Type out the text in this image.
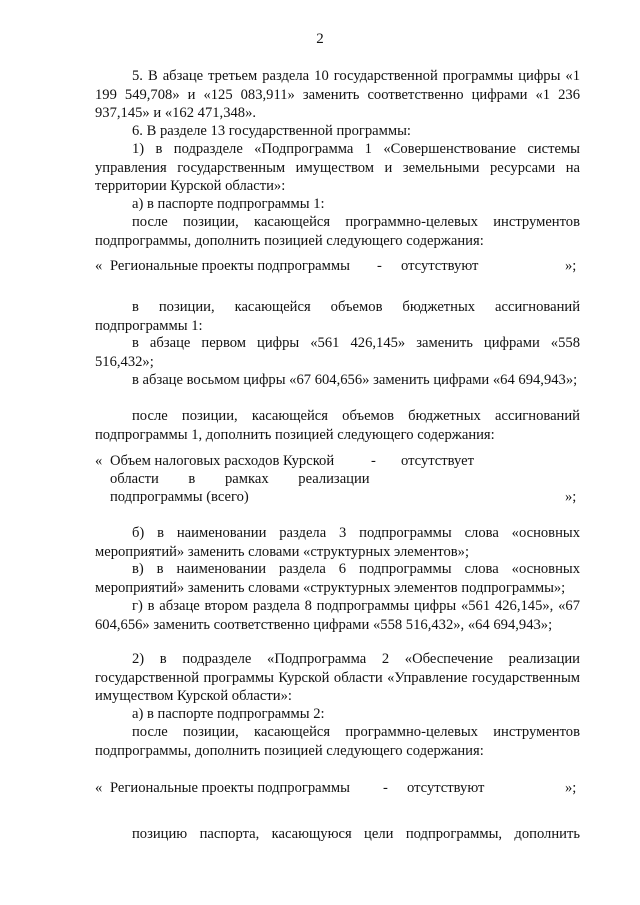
2

5. В абзаце третьем раздела 10 государственной программы цифры «1 199 549,708» и «125 083,911» заменить соответственно цифрами «1 236 937,145» и «162 471,348».

6. В разделе 13 государственной программы:

1) в подразделе «Подпрограмма 1 «Совершенствование системы управления государственным имуществом и земельными ресурсами на территории Курской области»:

а) в паспорте подпрограммы 1:

после позиции, касающейся программно-целевых инструментов подпрограммы, дополнить позицией следующего содержания:

« Региональные проекты подпрограммы - отсутствуют	»;

в позиции, касающейся объемов бюджетных ассигнований подпрограммы 1:

в абзаце первом цифры «561 426,145» заменить цифрами «558 516,432»;

в абзаце восьмом цифры «67 604,656» заменить цифрами «64 694,943»;

после позиции, касающейся объемов бюджетных ассигнований подпрограммы 1, дополнить позицией следующего содержания:

« Объем налоговых расходов Курской	- отсутствует
области в рамках реализации
подпрограммы (всего)	»;

б) в наименовании раздела 3 подпрограммы слова «основных мероприятий» заменить словами «структурных элементов»;

в) в наименовании раздела 6 подпрограммы слова «основных мероприятий» заменить словами «структурных элементов подпрограммы»;

г) в абзаце втором раздела 8 подпрограммы цифры «561 426,145», «67 604,656» заменить соответственно цифрами «558 516,432», «64 694,943»;

2) в подразделе «Подпрограмма 2 «Обеспечение реализации государственной программы Курской области «Управление государственным имуществом Курской области»:

а) в паспорте подпрограммы 2:

после позиции, касающейся программно-целевых инструментов подпрограммы, дополнить позицией следующего содержания:

« Региональные проекты подпрограммы - отсутствуют	»;

позицию паспорта, касающуюся цели подпрограммы, дополнить
